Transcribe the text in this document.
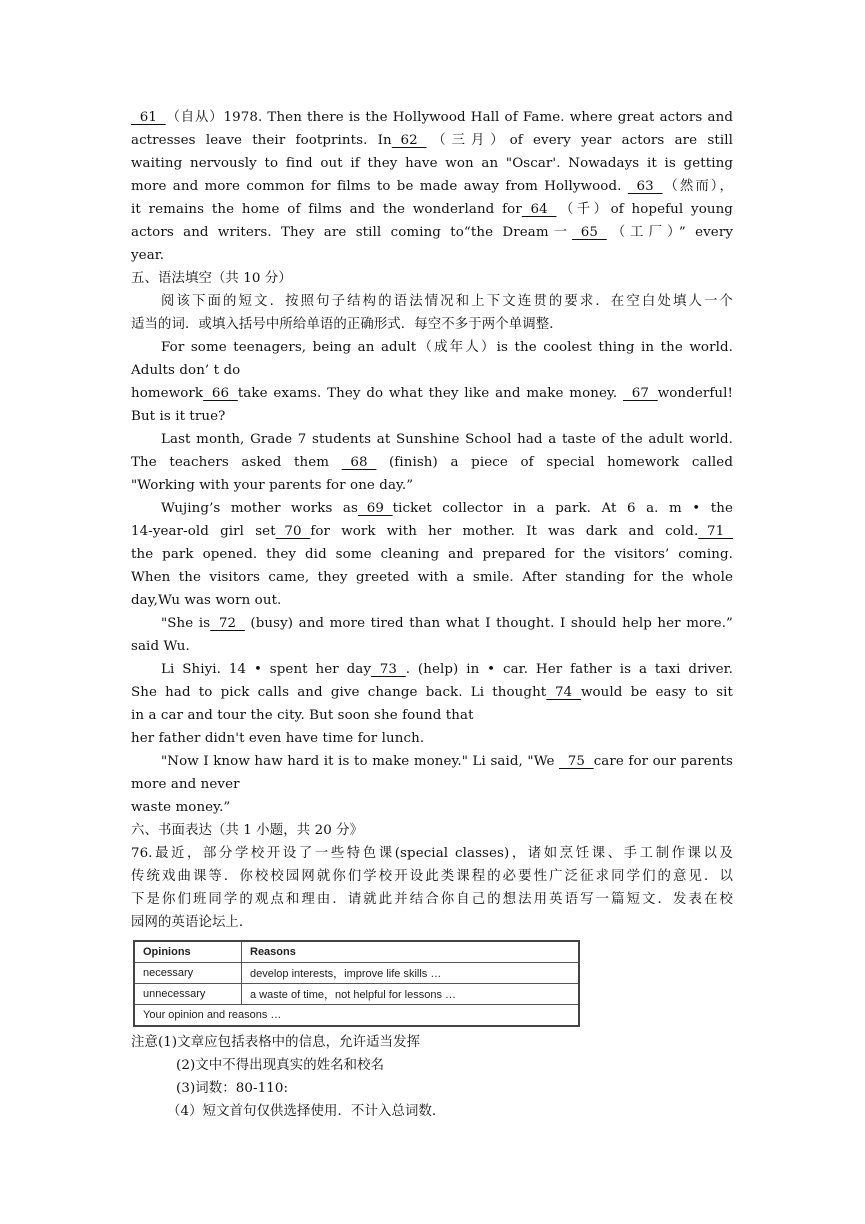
61  （自从）1978. Then there is the Hollywood Hall of Fame. where great actors and
actresses leave their footprints. In  62  （三月）of every year actors are still
waiting nervously to find out if they have won an "Oscar'. Nowadays it is getting
more and more common for films to be made away from Hollywood.   63  （然而），
it remains the home of films and the wonderland for  64  （千）of hopeful young
actors and writers. They are still coming to“the Dream一  65  （工厂）” every
year.
五、语法填空（共 10 分）
阅该下面的短文．按照句子结构的语法情况和上下文连贯的要求．在空白处填人一个
适当的词．或填入括号中所给单语的正确形式．每空不多于两个单调整．
For some teenagers, being an adult（成年人）is the coolest thing in the world.
Adults don’ t do
homework  66  take exams. They do what they like and make money.   67  wonderful!
But is it true?
Last month, Grade 7 students at Sunshine School had a taste of the adult world.
The teachers asked them   68   (finish) a piece of special homework called
"Working with your parents for one day.”
Wujing’s mother works as  69  ticket collector in a park. At 6 a. m • the
14-year-old girl set  70  for work with her mother. It was dark and cold.  71
the park opened. they did some cleaning and prepared for the visitors’ coming.
When the visitors came, they greeted with a smile. After standing for the whole
day,Wu was worn out.
"She is  72   (busy) and more tired than what I thought. I should help her more.”
said Wu.
Li Shiyi. 14 • spent her day  73  . (help) in • car. Her father is a taxi driver.
She had to pick calls and give change back. Li thought  74  would be easy to sit
in a car and tour the city. But soon she found that
her father didn't even have time for lunch.
"Now I know haw hard it is to make money." Li said, "We   75  care for our parents
more and never
waste money.”
六、书面表达（共 1 小题，共 20 分》
76.最近，部分学校开设了一些特色课(special classes)，诸如烹饪课、手工制作课以及
传统戏曲课等．你校校园网就你们学校开设此类课程的必要性广泛征求同学们的意见．以
下是你们班同学的观点和理由．请就此并结合你自己的想法用英语写一篇短文．发表在校
园网的英语论坛上．
Opinions	Reasons
necessary	develop interests，improve life skills …
unnecessary	a waste of time，not helpful for lessons …
Your opinion and reasons …	
注意(1)文章应包括表格中的信息，允许适当发挥
(2)文中不得出现真实的姓名和校名
(3)词数：80-110:
（4）短文首句仅供选择使用．不计入总词数．
